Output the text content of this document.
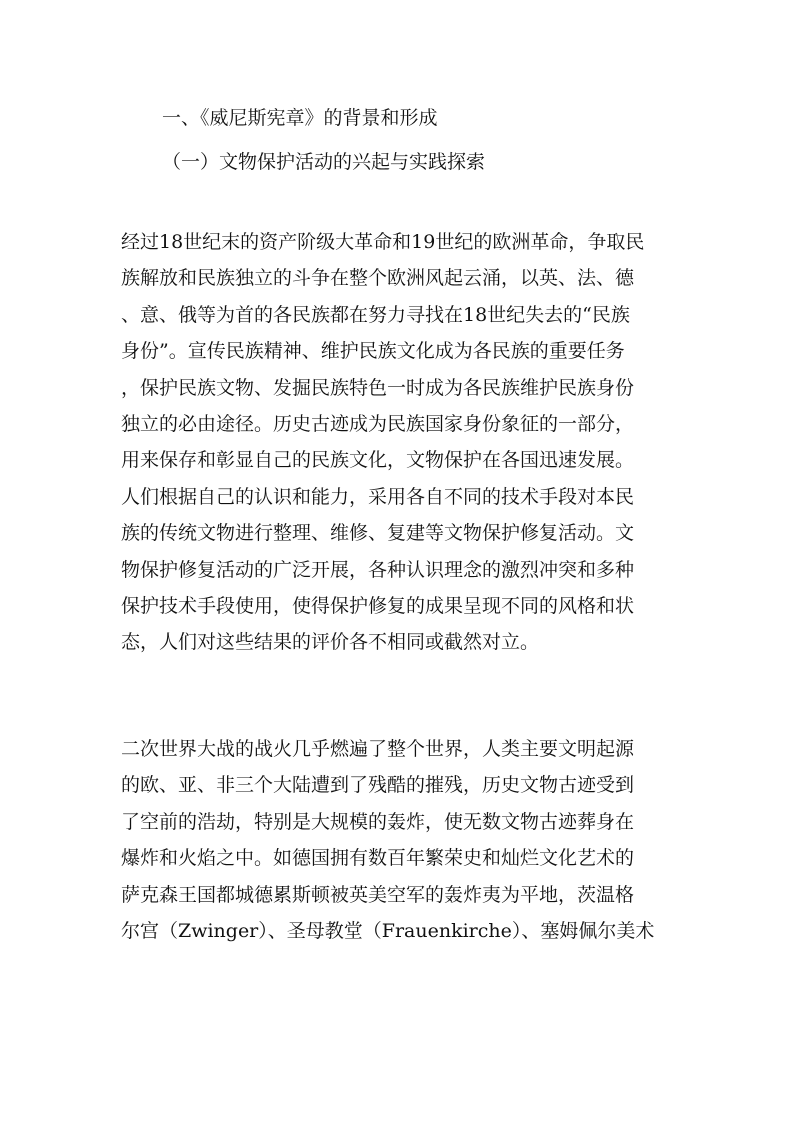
一、《威尼斯宪章》的背景和形成
（一）文物保护活动的兴起与实践探索

经过18世纪末的资产阶级大革命和19世纪的欧洲革命，争取民
族解放和民族独立的斗争在整个欧洲风起云涌，以英、法、德
、意、俄等为首的各民族都在努力寻找在18世纪失去的“民族
身份”。宣传民族精神、维护民族文化成为各民族的重要任务
，保护民族文物、发掘民族特色一时成为各民族维护民族身份
独立的必由途径。历史古迹成为民族国家身份象征的一部分，
用来保存和彰显自己的民族文化，文物保护在各国迅速发展。
人们根据自己的认识和能力，采用各自不同的技术手段对本民
族的传统文物进行整理、维修、复建等文物保护修复活动。文
物保护修复活动的广泛开展，各种认识理念的激烈冲突和多种
保护技术手段使用，使得保护修复的成果呈现不同的风格和状
态，人们对这些结果的评价各不相同或截然对立。

二次世界大战的战火几乎燃遍了整个世界，人类主要文明起源
的欧、亚、非三个大陆遭到了残酷的摧残，历史文物古迹受到
了空前的浩劫，特别是大规模的轰炸，使无数文物古迹葬身在
爆炸和火焰之中。如德国拥有数百年繁荣史和灿烂文化艺术的
萨克森王国都城德累斯顿被英美空军的轰炸夷为平地，茨温格
尔宫（Zwinger）、圣母教堂（Frauenkirche）、塞姆佩尔美术
